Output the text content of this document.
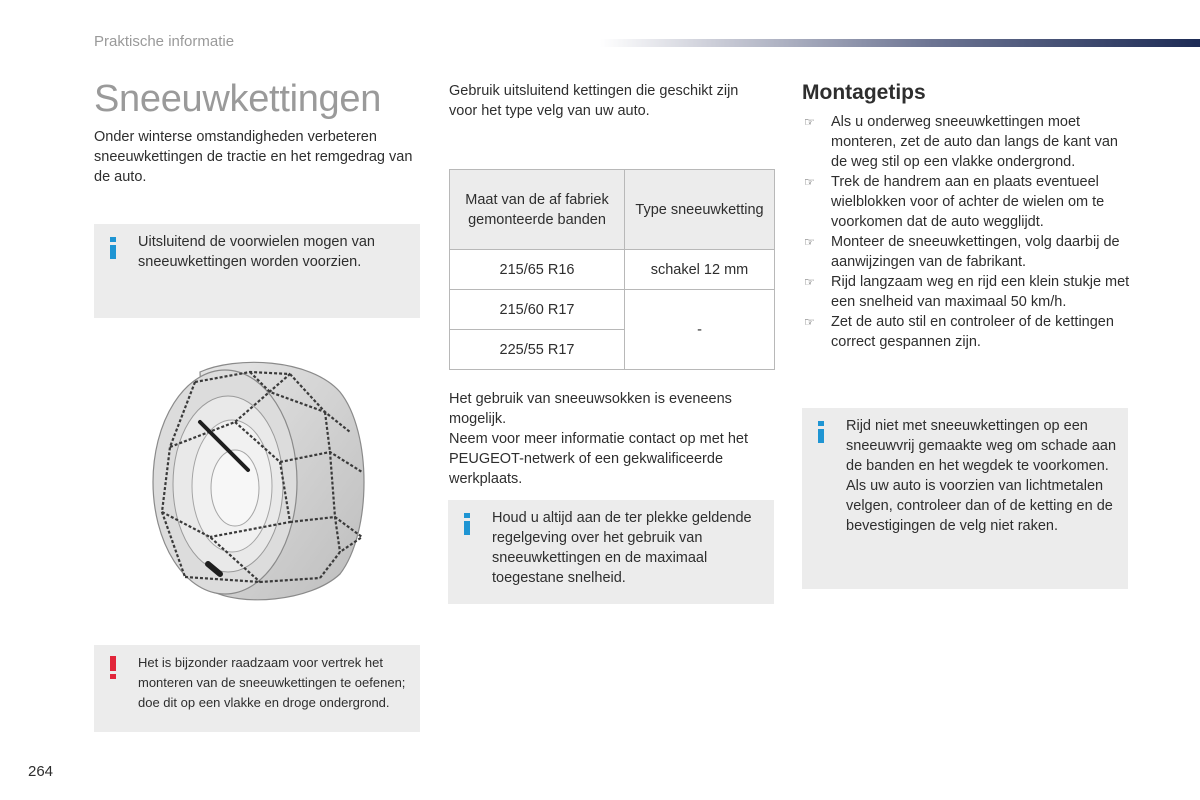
Praktische informatie
Sneeuwkettingen
Onder winterse omstandigheden verbeteren sneeuwkettingen de tractie en het remgedrag van de auto.
Uitsluitend de voorwielen mogen van sneeuwkettingen worden voorzien.
Het is bijzonder raadzaam voor vertrek het monteren van de sneeuwkettingen te oefenen; doe dit op een vlakke en droge ondergrond.
Gebruik uitsluitend kettingen die geschikt zijn voor het type velg van uw auto.
Maat van de af fabriek gemonteerde banden	Type sneeuwketting
215/65 R16	schakel 12 mm
215/60 R17	-
225/55 R17	
Het gebruik van sneeuwsokken is eveneens mogelijk.
Neem voor meer informatie contact op met het PEUGEOT-netwerk of een gekwalificeerde werkplaats.
Houd u altijd aan de ter plekke geldende regelgeving over het gebruik van sneeuwkettingen en de maximaal toegestane snelheid.
Montagetips
☞ Als u onderweg sneeuwkettingen moet monteren, zet de auto dan langs de kant van de weg stil op een vlakke ondergrond.
☞ Trek de handrem aan en plaats eventueel wielblokken voor of achter de wielen om te voorkomen dat de auto wegglijdt.
☞ Monteer de sneeuwkettingen, volg daarbij de aanwijzingen van de fabrikant.
☞ Rijd langzaam weg en rijd een klein stukje met een snelheid van maximaal 50 km/h.
☞ Zet de auto stil en controleer of de kettingen correct gespannen zijn.
Rijd niet met sneeuwkettingen op een sneeuwvrij gemaakte weg om schade aan de banden en het wegdek te voorkomen. Als uw auto is voorzien van lichtmetalen velgen, controleer dan of de ketting en de bevestigingen de velg niet raken.
264
